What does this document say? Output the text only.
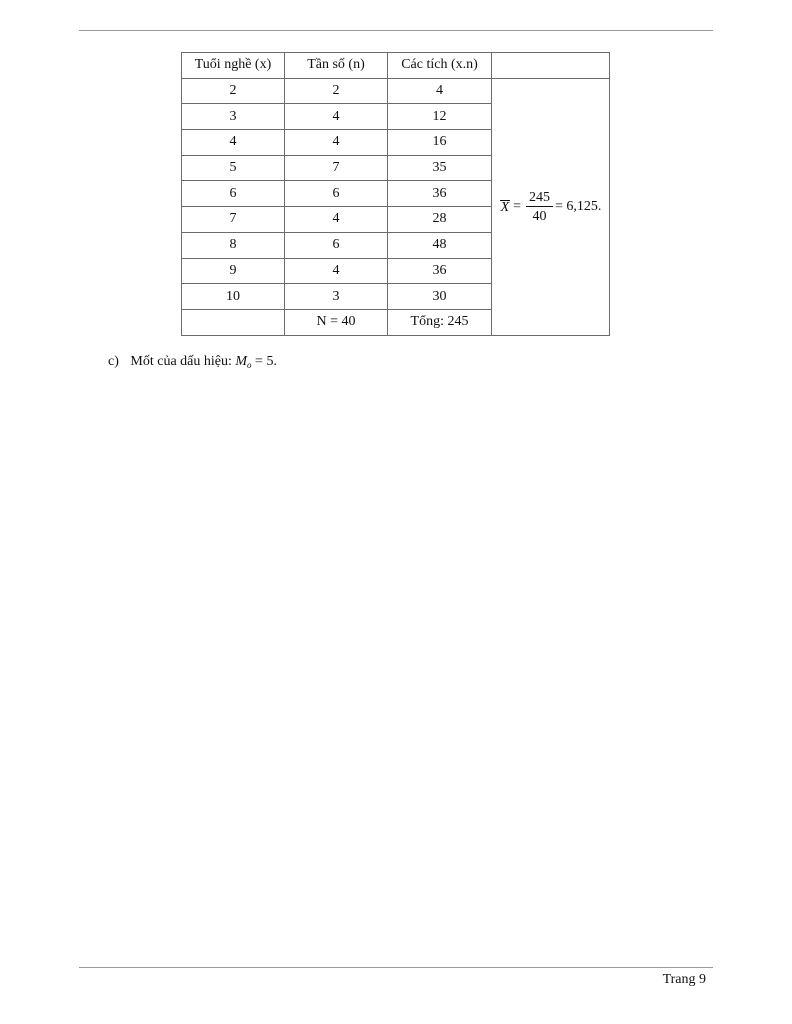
Tuổi nghề (x)	Tần số (n)	Các tích (x.n)	
2	2	4	$X = \frac{245}{40} = 6,125$.

3	4	12	
4	4	16	
5	7	35	
6	6	36	
7	4	28	
8	6	48	
9	4	36	
10	3	30	
	N = 40	Tổng: 245	
c) Mốt của dấu hiệu: $M_o = 5$.
Trang 9
